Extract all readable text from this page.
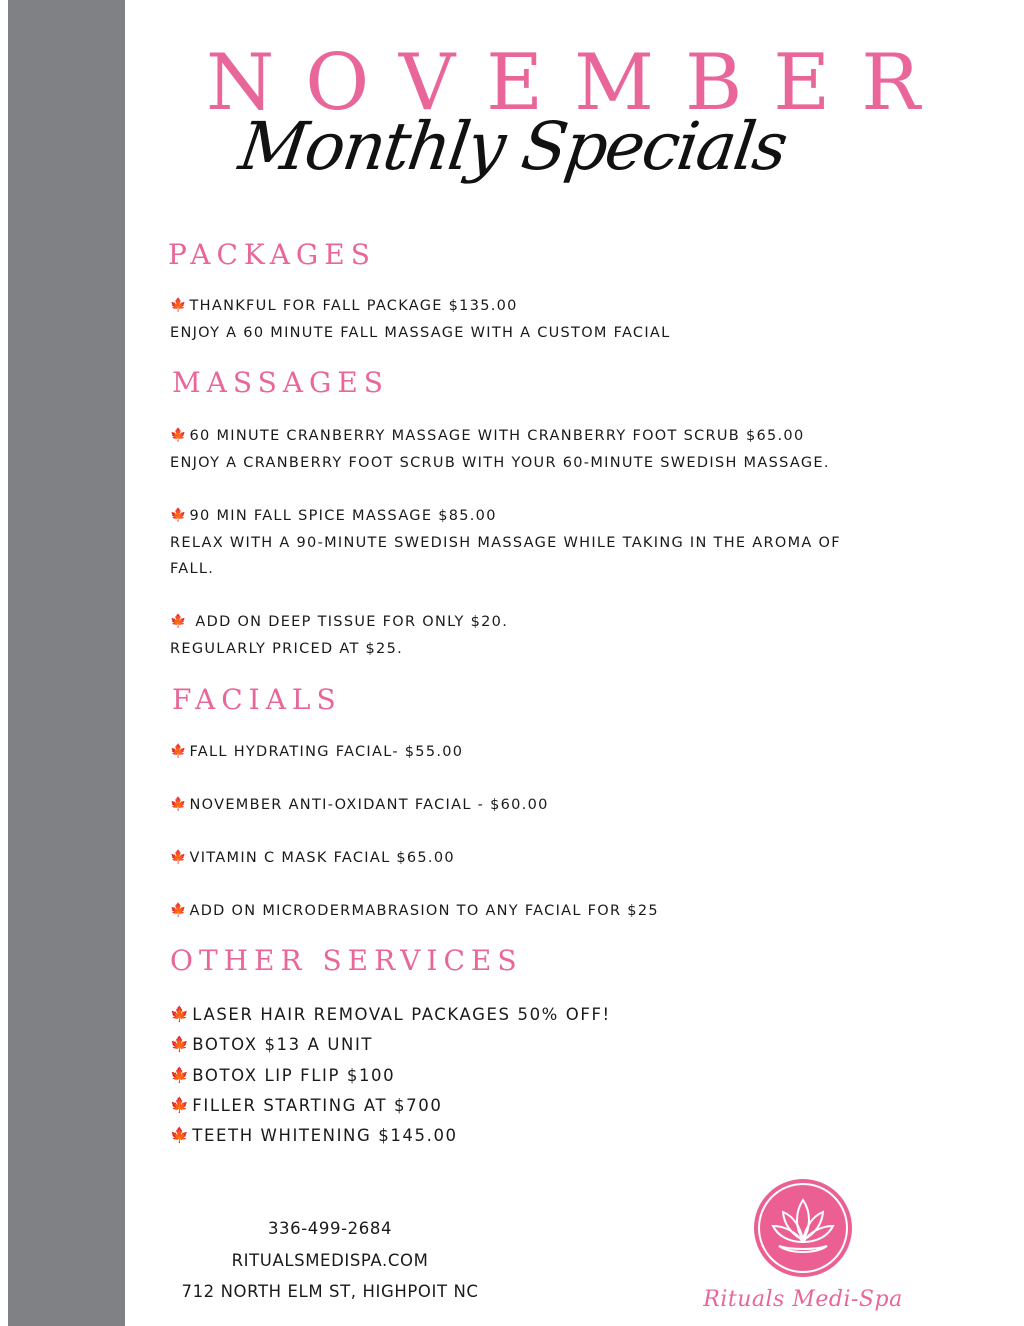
NOVEMBER
Monthly Specials
PACKAGES

🍁 THANKFUL FOR FALL PACKAGE $135.00

ENJOY A 60 MINUTE FALL MASSAGE WITH A CUSTOM FACIAL

MASSAGES

🍁 60 MINUTE CRANBERRY MASSAGE WITH CRANBERRY FOOT SCRUB $65.00

ENJOY A CRANBERRY FOOT SCRUB WITH YOUR 60-MINUTE SWEDISH MASSAGE.

🍁 90 MIN FALL SPICE MASSAGE $85.00

RELAX WITH A 90-MINUTE SWEDISH MASSAGE WHILE TAKING IN THE AROMA OF

FALL.

🍁 ADD ON DEEP TISSUE FOR ONLY $20.

REGULARLY PRICED AT $25.

FACIALS

🍁 FALL HYDRATING FACIAL- $55.00

🍁 NOVEMBER ANTI-OXIDANT FACIAL - $60.00

🍁 VITAMIN C MASK FACIAL $65.00

🍁 ADD ON MICRODERMABRASION TO ANY FACIAL FOR $25

OTHER SERVICES

🍁 LASER HAIR REMOVAL PACKAGES 50% OFF!

🍁 BOTOX $13 A UNIT

🍁 BOTOX LIP FLIP $100

🍁 FILLER STARTING AT $700

🍁 TEETH WHITENING $145.00

336-499-2684

RITUALSMEDISPA.COM

712 NORTH ELM ST, HIGHPOIT NC	Rituals Medi-Spa
